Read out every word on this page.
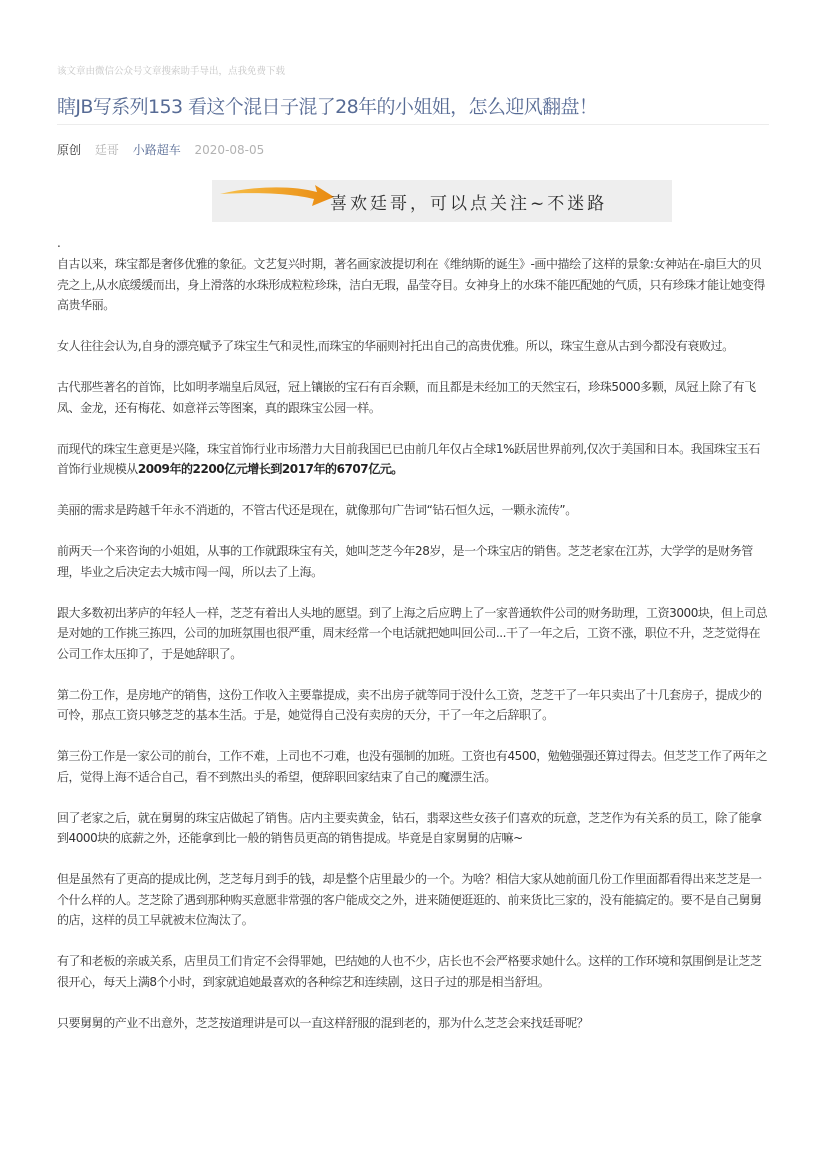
该文章由微信公众号文章搜索助手导出，点我免费下载
瞎JB写系列153 看这个混日子混了28年的小姐姐，怎么迎风翻盘！
原创 廷哥 小路超车 2020-08-05
喜欢廷哥，可以点关注~不迷路
.

自古以来，珠宝都是奢侈优雅的象征。文艺复兴时期，著名画家波提切利在《维纳斯的诞生》-画中描绘了这样的景象:女神站在-扇巨大的贝壳之上,从水底缓缓而出，身上滑落的水珠形成粒粒珍珠，洁白无瑕，晶莹夺目。女神身上的水珠不能匹配她的气质，只有珍珠才能让她变得高贵华丽。

女人往往会认为,自身的漂亮赋予了珠宝生气和灵性,而珠宝的华丽则衬托出自己的高贵优雅。所以，珠宝生意从古到今都没有衰败过。

古代那些著名的首饰，比如明孝端皇后凤冠，冠上镶嵌的宝石有百余颗，而且都是未经加工的天然宝石，珍珠5000多颗，凤冠上除了有飞凤、金龙，还有梅花、如意祥云等图案，真的跟珠宝公园一样。

而现代的珠宝生意更是兴隆，珠宝首饰行业市场潜力大目前我国已已由前几年仅占全球1%跃居世界前列,仅次于美国和日本。我国珠宝玉石首饰行业规模从2009年的2200亿元增长到2017年的6707亿元。

美丽的需求是跨越千年永不消逝的，不管古代还是现在，就像那句广告词“钻石恒久远，一颗永流传”。

前两天一个来咨询的小姐姐，从事的工作就跟珠宝有关，她叫芝芝今年28岁，是一个珠宝店的销售。芝芝老家在江苏，大学学的是财务管理，毕业之后决定去大城市闯一闯，所以去了上海。

跟大多数初出茅庐的年轻人一样，芝芝有着出人头地的愿望。到了上海之后应聘上了一家普通软件公司的财务助理，工资3000块，但上司总是对她的工作挑三拣四，公司的加班氛围也很严重，周末经常一个电话就把她叫回公司...干了一年之后，工资不涨，职位不升，芝芝觉得在公司工作太压抑了，于是她辞职了。

第二份工作，是房地产的销售，这份工作收入主要靠提成，卖不出房子就等同于没什么工资，芝芝干了一年只卖出了十几套房子，提成少的可怜，那点工资只够芝芝的基本生活。于是，她觉得自己没有卖房的天分，干了一年之后辞职了。

第三份工作是一家公司的前台，工作不难，上司也不刁难，也没有强制的加班。工资也有4500，勉勉强强还算过得去。但芝芝工作了两年之后，觉得上海不适合自己，看不到熬出头的希望，便辞职回家结束了自己的魔漂生活。

回了老家之后，就在舅舅的珠宝店做起了销售。店内主要卖黄金，钻石，翡翠这些女孩子们喜欢的玩意，芝芝作为有关系的员工，除了能拿到4000块的底薪之外，还能拿到比一般的销售员更高的销售提成。毕竟是自家舅舅的店嘛~

但是虽然有了更高的提成比例，芝芝每月到手的钱，却是整个店里最少的一个。为啥？相信大家从她前面几份工作里面都看得出来芝芝是一个什么样的人。芝芝除了遇到那种购买意愿非常强的客户能成交之外，进来随便逛逛的、前来货比三家的，没有能搞定的。要不是自己舅舅的店，这样的员工早就被末位淘汰了。

有了和老板的亲戚关系，店里员工们肯定不会得罪她，巴结她的人也不少，店长也不会严格要求她什么。这样的工作环境和氛围倒是让芝芝很开心，每天上满8个小时，到家就追她最喜欢的各种综艺和连续剧，这日子过的那是相当舒坦。

只要舅舅的产业不出意外，芝芝按道理讲是可以一直这样舒服的混到老的，那为什么芝芝会来找廷哥呢？
